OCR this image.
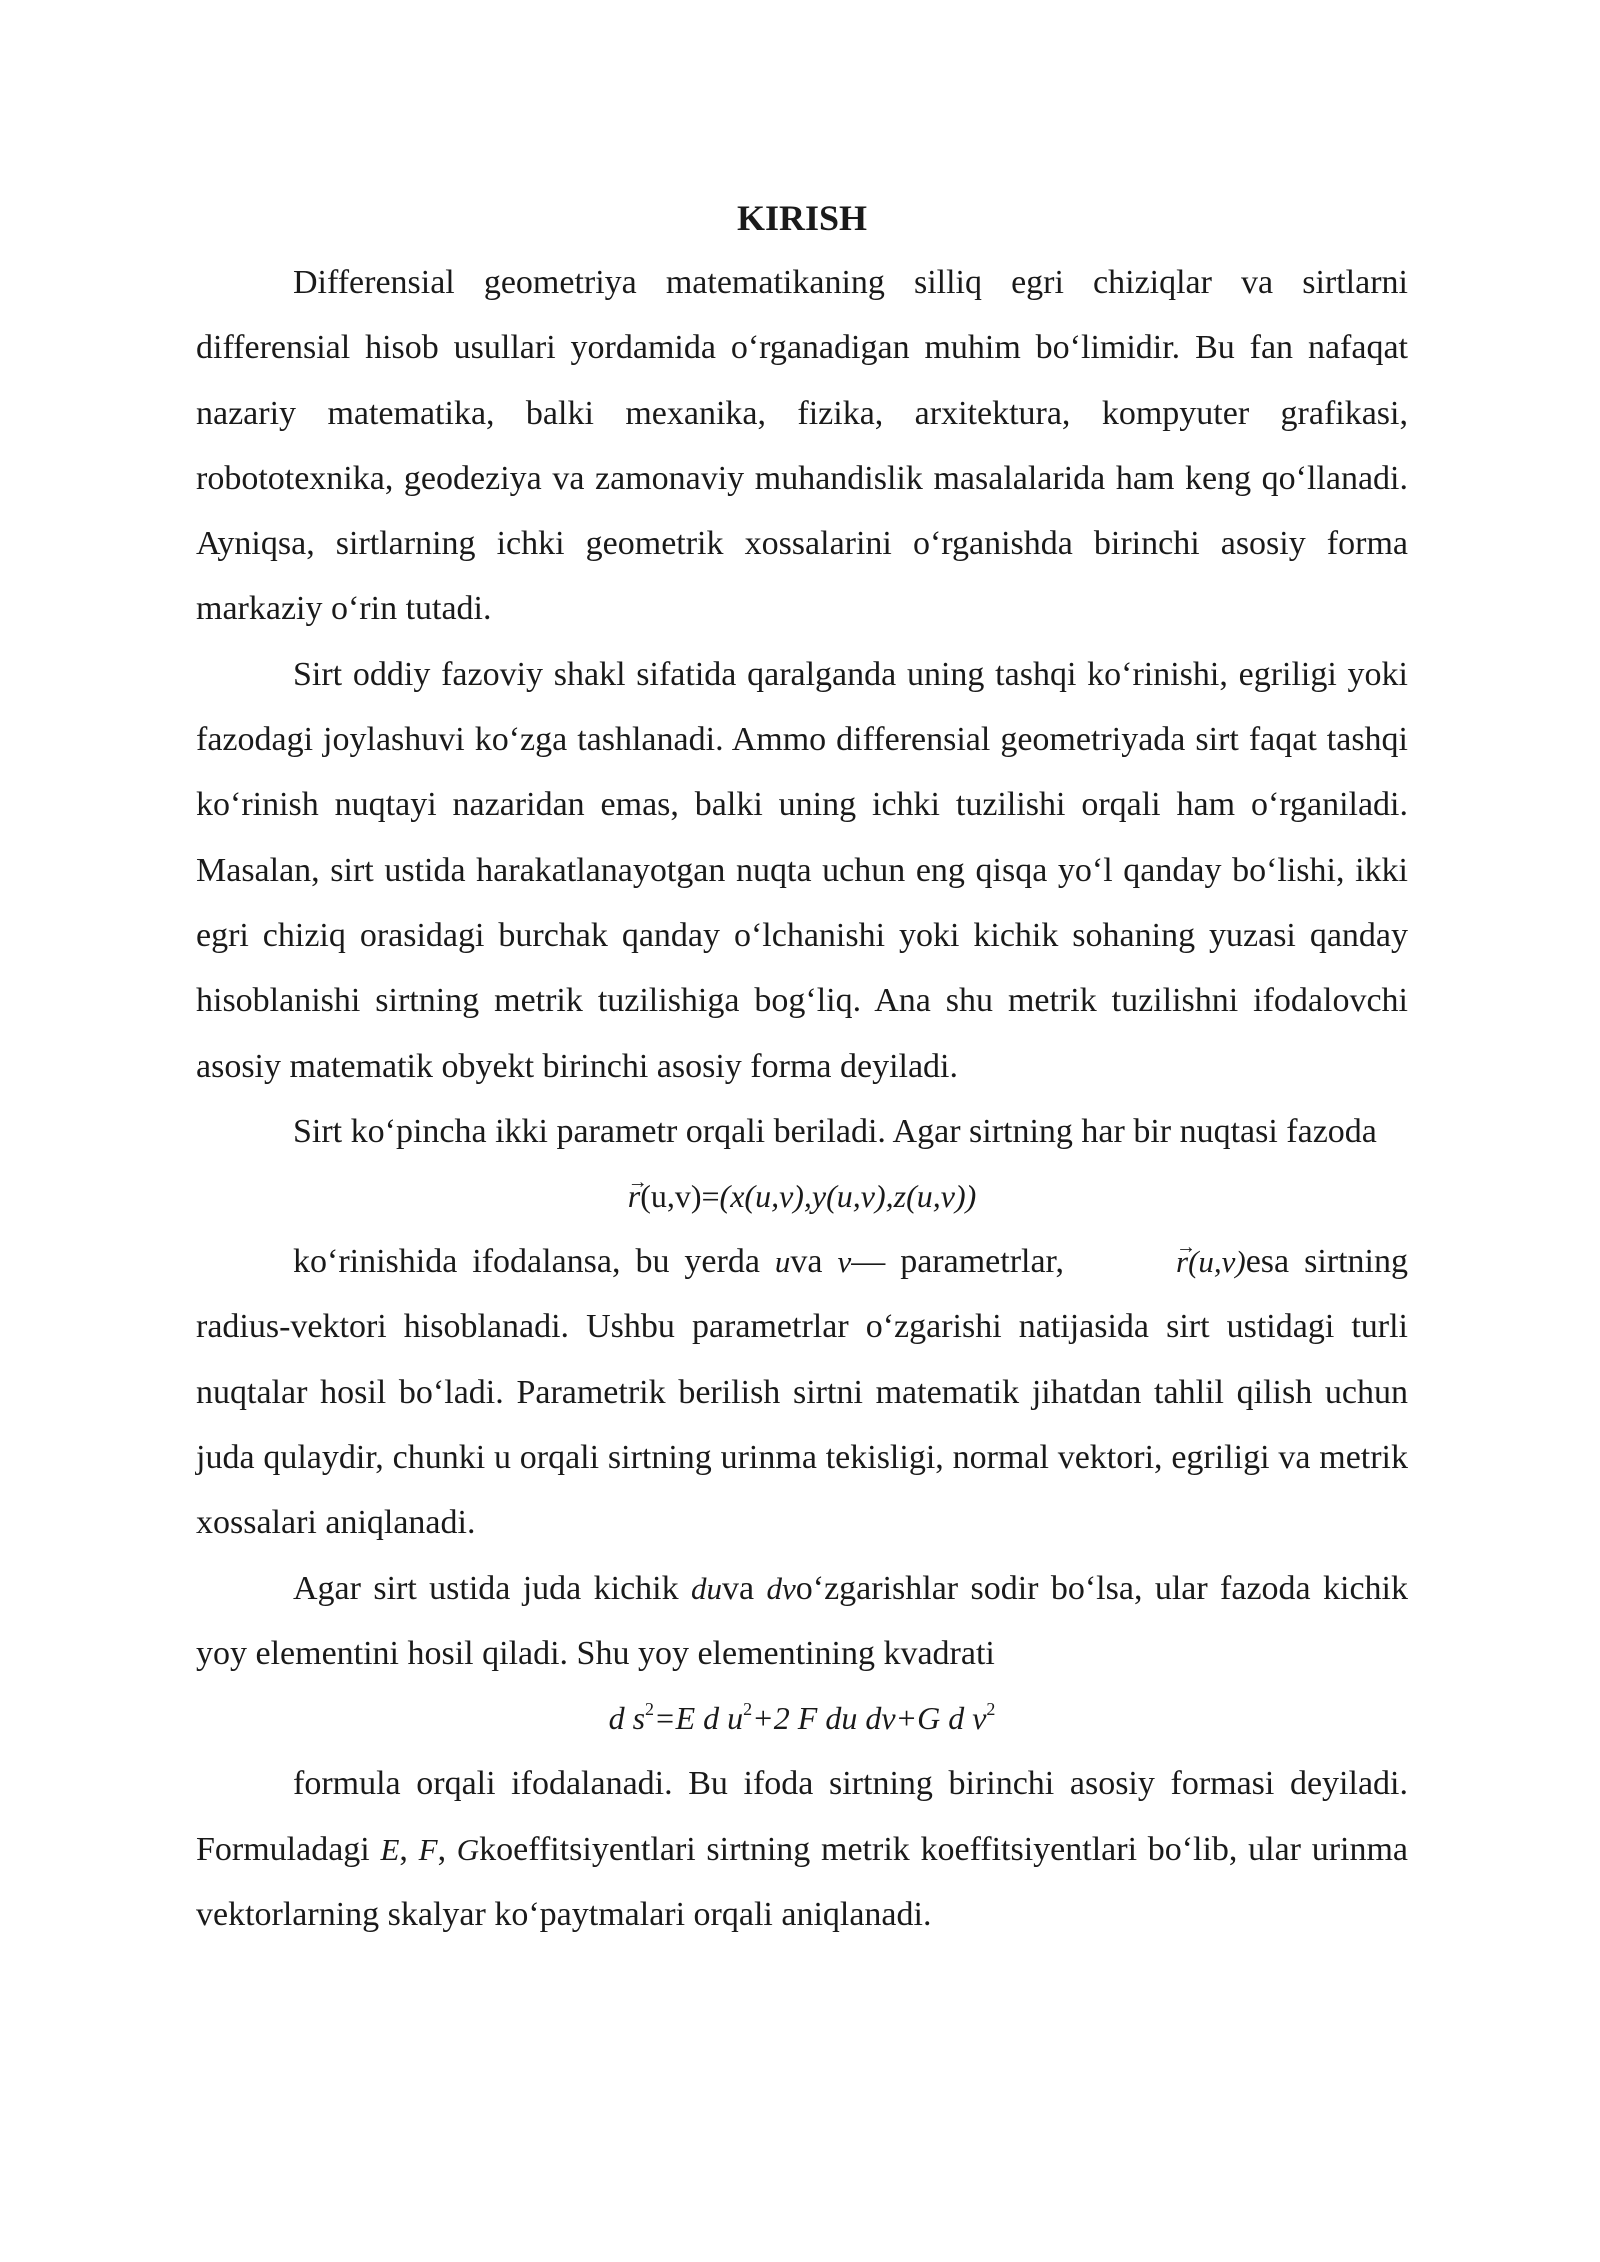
KIRISH

Differensial geometriya matematikaning silliq egri chiziqlar va sirtlarni differensial hisob usullari yordamida o‘rganadigan muhim bo‘limidir. Bu fan nafaqat nazariy matematika, balki mexanika, fizika, arxitektura, kompyuter grafikasi, robototexnika, geodeziya va zamonaviy muhandislik masalalarida ham keng qo‘llanadi. Ayniqsa, sirtlarning ichki geometrik xossalarini o‘rganishda birinchi asosiy forma markaziy o‘rin tutadi.

Sirt oddiy fazoviy shakl sifatida qaralganda uning tashqi ko‘rinishi, egriligi yoki fazodagi joylashuvi ko‘zga tashlanadi. Ammo differensial geometriyada sirt faqat tashqi ko‘rinish nuqtayi nazaridan emas, balki uning ichki tuzilishi orqali ham o‘rganiladi. Masalan, sirt ustida harakatlanayotgan nuqta uchun eng qisqa yo‘l qanday bo‘lishi, ikki egri chiziq orasidagi burchak qanday o‘lchanishi yoki kichik sohaning yuzasi qanday hisoblanishi sirtning metrik tuzilishiga bog‘liq. Ana shu metrik tuzilishni ifodalovchi asosiy matematik obyekt birinchi asosiy forma deyiladi.

Sirt ko‘pincha ikki parametr orqali beriladi. Agar sirtning har bir nuqtasi fazoda

→ r(u,v)=(x(u,v),y(u,v),z(u,v))

ko‘rinishida ifodalansa, bu yerda uva v— parametrlar, →	r(u,v)esa sirtning radius-vektori hisoblanadi. Ushbu parametrlar o‘zgarishi natijasida sirt ustidagi turli nuqtalar hosil bo‘ladi. Parametrik berilish sirtni matematik jihatdan tahlil qilish uchun juda qulaydir, chunki u orqali sirtning urinma tekisligi, normal vektori, egriligi va metrik xossalari aniqlanadi.

Agar sirt ustida juda kichik duva dvo‘zgarishlar sodir bo‘lsa, ular fazoda kichik yoy elementini hosil qiladi. Shu yoy elementining kvadrati

d $s^2=E$ d $u^2+2$ F du dv+G d $v^2$

formula orqali ifodalanadi. Bu ifoda sirtning birinchi asosiy formasi deyiladi. Formuladagi E, F, Gkoeffitsiyentlari sirtning metrik koeffitsiyentlari bo‘lib, ular urinma vektorlarning skalyar ko‘paytmalari orqali aniqlanadi.
